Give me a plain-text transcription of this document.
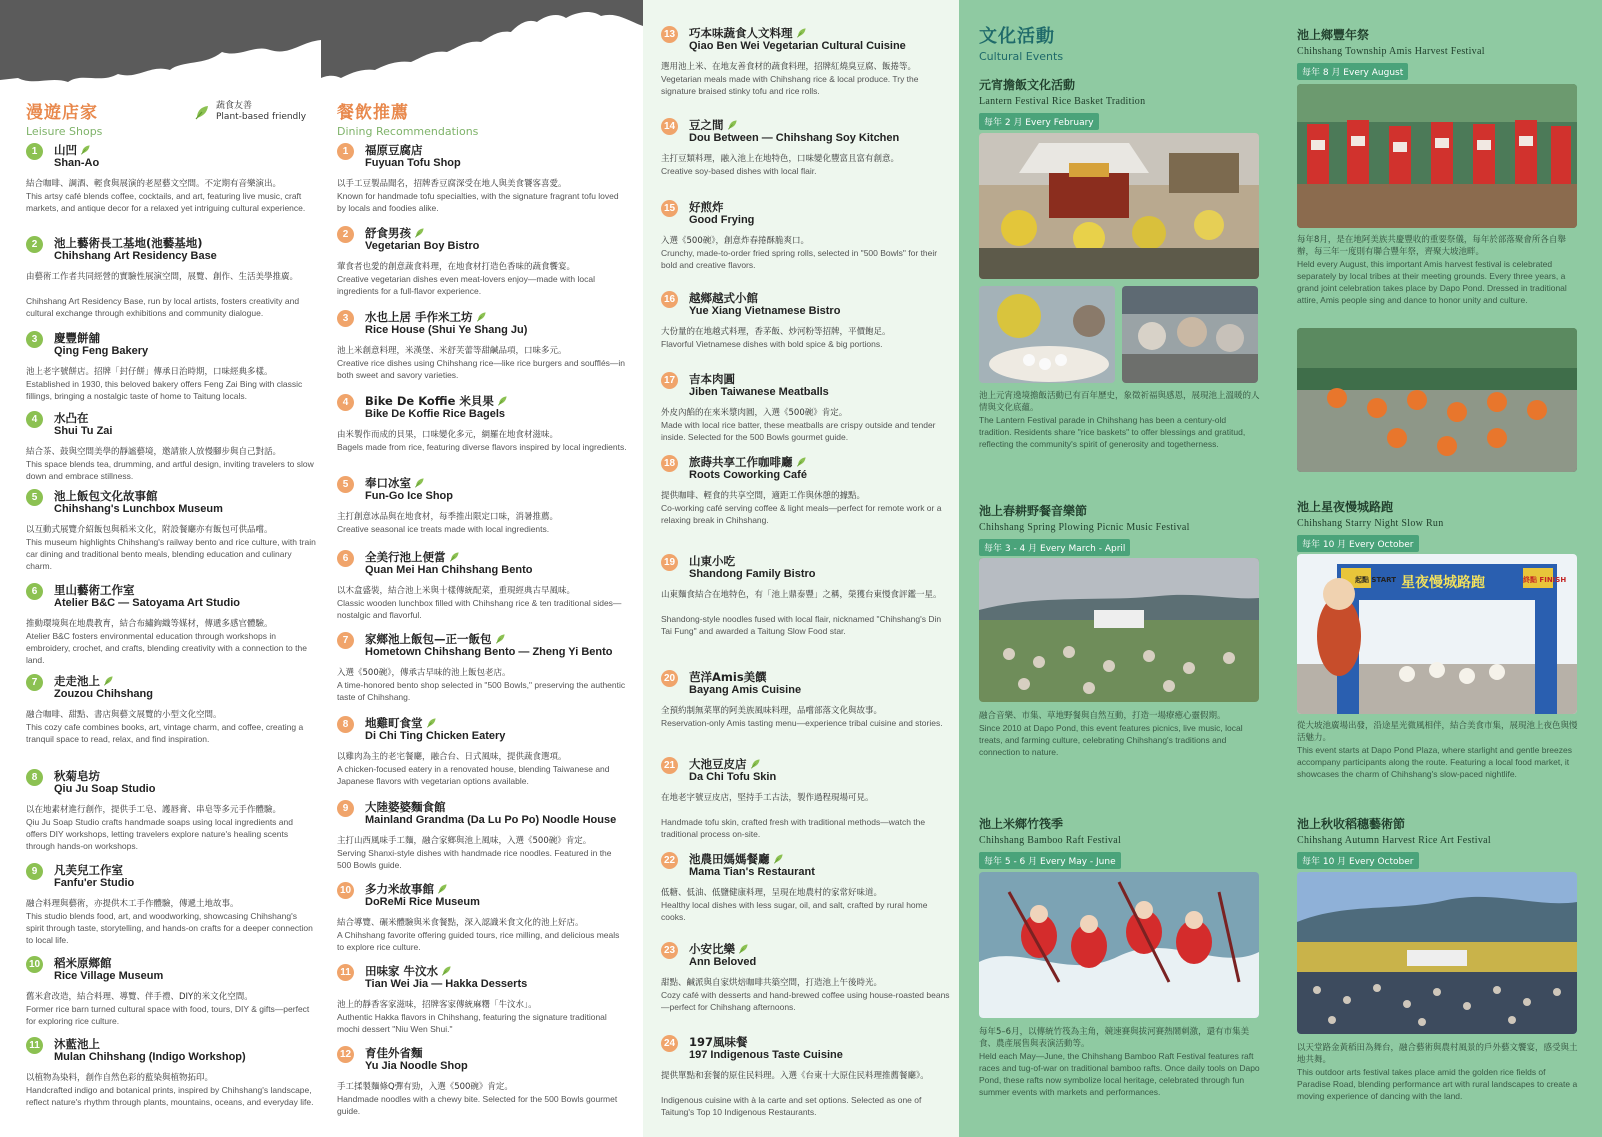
漫遊店家
Leisure Shops
蔬食友善
Plant-based friendly
1	山凹
Shan-Ao
結合咖啡、調酒、輕食與展演的老屋藝文空間。不定期有音樂演出。
This artsy café blends coffee, cocktails, and art, featuring live music, craft markets, and antique decor for a relaxed yet intriguing cultural experience.
2	池上藝術長工基地(池藝基地)
Chihshang Art Residency Base
由藝術工作者共同經營的實驗性展演空間，展覽、創作、生活美學推廣。
Chihshang Art Residency Base, run by local artists, fosters creativity and cultural exchange through exhibitions and community dialogue.
3	慶豐餅舖
Qing Feng Bakery
池上老字號餅店。招牌「封仔餅」傳承日治時期，口味經典多樣。
Established in 1930, this beloved bakery offers Feng Zai Bing with classic fillings, bringing a nostalgic taste of home to Taitung locals.
4	水凸在
Shui Tu Zai
結合茶、鼓與空間美學的靜謐藝境，邀請旅人放慢腳步與自己對話。
This space blends tea, drumming, and artful design, inviting travelers to slow down and embrace stillness.
5	池上飯包文化故事館
Chihshang's Lunchbox Museum
以互動式展覽介紹飯包與稻米文化，附設餐廳亦有飯包可供品嚐。
This museum highlights Chihshang's railway bento and rice culture, with train car dining and traditional bento meals, blending education and culinary charm.
6	里山藝術工作室
Atelier B&C — Satoyama Art Studio
推動環境與在地農教育，結合布繡鉤織等媒材，傳遞多感官體驗。
Atelier B&C fosters environmental education through workshops in embroidery, crochet, and crafts, blending creativity with a connection to the land.
7	走走池上
Zouzou Chihshang
融合咖啡、甜點、書店與藝文展覽的小型文化空間。
This cozy cafe combines books, art, vintage charm, and coffee, creating a tranquil space to read, relax, and find inspiration.
8	秋菊皂坊
Qiu Ju Soap Studio
以在地素材進行創作，提供手工皂、護唇膏、串皂等多元手作體驗。
Qiu Ju Soap Studio crafts handmade soaps using local ingredients and offers DIY workshops, letting travelers explore nature's healing scents through hands-on workshops.
9	凡芙兒工作室
Fanfu'er Studio
融合料理與藝術，亦提供木工手作體驗，傳遞土地故事。
This studio blends food, art, and woodworking, showcasing Chihshang's spirit through taste, storytelling, and hands-on crafts for a deeper connection to local life.
10 稻米原鄉館
Rice Village Museum
舊米倉改造，結合料理、導覽、伴手禮、DIY的米文化空間。
Former rice barn turned cultural space with food, tours, DIY & gifts—perfect for exploring rice culture.
11 沐藍池上
Mulan Chihshang (Indigo Workshop)
以植物為染料，創作自然色彩的藍染與植物拓印。
Handcrafted indigo and botanical prints, inspired by Chihshang's landscape, reflect nature's rhythm through plants, mountains, oceans, and everyday life.
餐飲推薦
Dining Recommendations
1	福原豆腐店
Fuyuan Tofu Shop
以手工豆製品聞名，招牌香豆腐深受在地人與美食饕客喜愛。
Known for handmade tofu specialties, with the signature fragrant tofu loved by locals and foodies alike.
2	舒食男孩
Vegetarian Boy Bistro
葷食者也愛的創意蔬食料理，在地食材打造色香味的蔬食饗宴。
Creative vegetarian dishes even meat-lovers enjoy—made with local ingredients for a full-flavor experience.
3	水也上居 手作米工坊
Rice House (Shui Ye Shang Ju)
池上米創意料理，米漢堡、米舒芙蕾等甜鹹品項，口味多元。
Creative rice dishes using Chihshang rice—like rice burgers and soufflés—in both sweet and savory varieties.
4	Bike De Koffie 米貝果
Bike De Koffie Rice Bagels
由米製作而成的貝果，口味變化多元，網羅在地食材滋味。
Bagels made from rice, featuring diverse flavors inspired by local ingredients.
5	奉口冰室
Fun-Go Ice Shop
主打創意冰品與在地食材，每季推出限定口味，消暑推薦。
Creative seasonal ice treats made with local ingredients.
6	全美行池上便當
Quan Mei Han Chihshang Bento
以木盒盛裝，結合池上米與十樣傳統配菜，重現經典古早風味。
Classic wooden lunchbox filled with Chihshang rice & ten traditional sides—nostalgic and flavorful.
7	家鄉池上飯包—正一飯包
Hometown Chihshang Bento — Zheng Yi Bento
入選《500碗》，傳承古早味的池上飯包老店。
A time-honored bento shop selected in "500 Bowls," preserving the authentic taste of Chihshang.
8	地雞町食堂
Di Chi Ting Chicken Eatery
以雞肉為主的老宅餐廳，融合台、日式風味，提供蔬食選項。
A chicken-focused eatery in a renovated house, blending Taiwanese and Japanese flavors with vegetarian options available.
9	大陸婆婆麵食館
Mainland Grandma (Da Lu Po Po) Noodle House
主打山西風味手工麵，融合家鄉與池上風味，入選《500碗》肯定。
Serving Shanxi-style dishes with handmade rice noodles. Featured in the 500 Bowls guide.
10 多力米故事館
DoReMi Rice Museum
結合導覽、碾米體驗與米食餐點，深入認識米食文化的池上好店。
A Chihshang favorite offering guided tours, rice milling, and delicious meals to explore rice culture.
11 田味家 牛汶水
Tian Wei Jia — Hakka Desserts
池上的靜香客家滋味，招牌客家傳統麻糬「牛汶水」。
Authentic Hakka flavors in Chihshang, featuring the signature traditional mochi dessert "Niu Wen Shui."
12 育佳外省麵
Yu Jia Noodle Shop
手工揉製麵條Q彈有勁，入選《500碗》肯定。
Handmade noodles with a chewy bite. Selected for the 500 Bowls gourmet guide.
13 巧本味蔬食人文料理
Qiao Ben Wei Vegetarian Cultural Cuisine
選用池上米、在地友善食材的蔬食料理，招牌紅燒臭豆腐、飯捲等。
Vegetarian meals made with Chihshang rice & local produce. Try the signature braised stinky tofu and rice rolls.
14 豆之間
Dou Between — Chihshang Soy Kitchen
主打豆類料理，融入池上在地特色，口味變化豐富且富有創意。
Creative soy-based dishes with local flair.
15 好煎炸
Good Frying
入選《500碗》，創意炸春捲酥脆爽口。
Crunchy, made-to-order fried spring rolls, selected in "500 Bowls" for their bold and creative flavors.
16 越鄉越式小館
Yue Xiang Vietnamese Bistro
大份量的在地越式料理，香茅飯、炒河粉等招牌，平價飽足。
Flavorful Vietnamese dishes with bold spice & big portions.
17 吉本肉圓
Jiben Taiwanese Meatballs
外皮內餡的在來米漿肉圓，入選《500碗》肯定。
Made with local rice batter, these meatballs are crispy outside and tender inside. Selected for the 500 Bowls gourmet guide.
18 旅蒔共享工作咖啡廳
Roots Coworking Café
提供咖啡、輕食的共享空間，適距工作與休憩的據點。
Co-working café serving coffee & light meals—perfect for remote work or a relaxing break in Chihshang.
19 山東小吃
Shandong Family Bistro
山東麵食結合在地特色，有「池上鼎泰豐」之稱，榮獲台東慢食評鑑一星。
Shandong-style noodles fused with local flair, nicknamed "Chihshang's Din Tai Fung" and awarded a Taitung Slow Food star.
20 芭洋Amis美饌
Bayang Amis Cuisine
全預約制無菜單的阿美族風味料理，品嚐部落文化與故事。
Reservation-only Amis tasting menu—experience tribal cuisine and stories.
21 大池豆皮店
Da Chi Tofu Skin
在地老字號豆皮店，堅持手工古法，製作過程現場可見。
Handmade tofu skin, crafted fresh with traditional methods—watch the traditional process on-site.
22 池農田媽媽餐廳
Mama Tian's Restaurant
低糖、低油、低鹽健康料理，呈現在地農村的家常好味道。
Healthy local dishes with less sugar, oil, and salt, crafted by rural home cooks.
23 小安比樂
Ann Beloved
甜點、鹹派與自家烘焙咖啡共築空間，打造池上午後時光。
Cozy café with desserts and hand-brewed coffee using house-roasted beans—perfect for Chihshang afternoons.
24 197風味餐
197 Indigenous Taste Cuisine
提供單點和套餐的原住民料理。入選《台東十大原住民料理推薦餐廳》。
Indigenous cuisine with à la carte and set options. Selected as one of Taitung's Top 10 Indigenous Restaurants.
文化活動
Cultural Events
元宵擔飯文化活動
Lantern Festival Rice Basket Tradition
每年 2 月 Every February
池上元宵遶境擔飯活動已有百年歷史，象徵祈福與感恩，展現池上溫暖的人情與文化底蘊。
The Lantern Festival parade in Chihshang has been a century-old tradition. Residents share "rice baskets" to offer blessings and gratitud, reflecting the community's spirit of generosity and togetherness.
池上鄉豐年祭
Chihshang Township Amis Harvest Festival
每年 8 月 Every August
每年8月，是在地阿美族共慶豐收的重要祭儀，每年於部落聚會所各自舉辦，每三年一度則有聯合豐年祭，齊聚大坡池畔。
Held every August, this important Amis harvest festival is celebrated separately by local tribes at their meeting grounds. Every three years, a grand joint celebration takes place by Dapo Pond. Dressed in traditional attire, Amis people sing and dance to honor unity and culture.
池上春耕野餐音樂節
Chihshang Spring Plowing Picnic Music Festival
每年 3 - 4 月 Every March - April
融合音樂、市集、草地野餐與自然互動，打造一場療癒心靈假期。
Since 2010 at Dapo Pond, this event features picnics, live music, local treats, and farming culture, celebrating Chihshang's traditions and connection to nature.
池上星夜慢城路跑
Chihshang Starry Night Slow Run
每年 10 月 Every October
起點 START 星夜慢城路跑	終點 FINISH
從大坡池廣場出發，沿途星光微風相伴，結合美食市集，展現池上夜色與慢活魅力。
This event starts at Dapo Pond Plaza, where starlight and gentle breezes accompany participants along the route. Featuring a local food market, it showcases the charm of Chihshang's slow-paced nightlife.
池上米鄉竹筏季
Chihshang Bamboo Raft Festival
每年 5 - 6 月 Every May - June
每年5–6月，以傳統竹筏為主角，競速賽與拔河賽熱鬧刺激，還有市集美食、農產展售與表演活動等。
Held each May—June, the Chihshang Bamboo Raft Festival features raft races and tug-of-war on traditional bamboo rafts. Once daily tools on Dapo Pond, these rafts now symbolize local heritage, celebrated through fun summer events with markets and performances.
池上秋收稻穗藝術節
Chihshang Autumn Harvest Rice Art Festival
每年 10 月 Every October
以天堂路金黃稻田為舞台，融合藝術與農村風景的戶外藝文饗宴，感受與土地共舞。
This outdoor arts festival takes place amid the golden rice fields of Paradise Road, blending performance art with rural landscapes to create a moving experience of dancing with the land.
